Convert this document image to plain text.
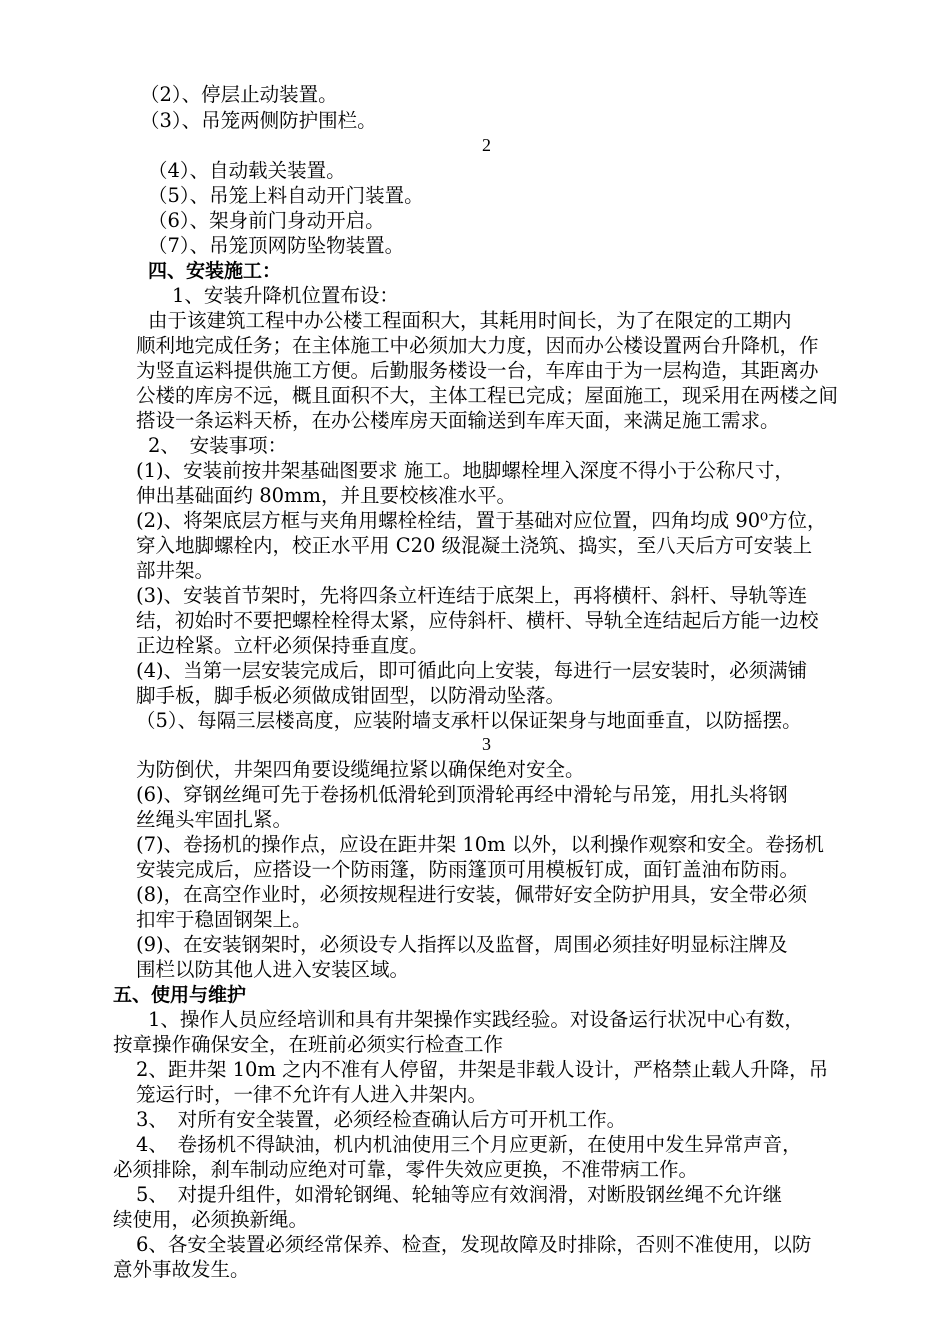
（2）、停层止动装置。
（3）、吊笼两侧防护围栏。
2
（4）、自动载关装置。
（5）、吊笼上料自动开门装置。
（6）、架身前门身动开启。
（7）、吊笼顶网防坠物装置。
四、安装施工：
1、安装升降机位置布设：
由于该建筑工程中办公楼工程面积大，其耗用时间长，为了在限定的工期内
顺利地完成任务；在主体施工中必须加大力度，因而办公楼设置两台升降机，作
为竖直运料提供施工方便。后勤服务楼设一台，车库由于为一层构造，其距离办
公楼的库房不远，概且面积不大，主体工程已完成；屋面施工，现采用在两楼之间
搭设一条运料天桥，在办公楼库房天面输送到车库天面，来满足施工需求。
2、　安装事项：
(1)、安装前按井架基础图要求 施工。地脚螺栓埋入深度不得小于公称尺寸，
伸出基础面约 80mm，并且要校核准水平。
(2)、将架底层方框与夹角用螺栓栓结，置于基础对应位置，四角均成 90⁰方位，
穿入地脚螺栓内，校正水平用 C20 级混凝土浇筑、捣实，至八天后方可安装上
部井架。
(3)、安装首节架时，先将四条立杆连结于底架上，再将横杆、斜杆、导轨等连
结，初始时不要把螺栓栓得太紧，应侍斜杆、横杆、导轨全连结起后方能一边校
正边栓紧。立杆必须保持垂直度。
(4)、当第一层安装完成后，即可循此向上安装，每进行一层安装时，必须满铺
脚手板，脚手板必须做成钳固型，以防滑动坠落。
（5）、每隔三层楼高度，应装附墙支承杆以保证架身与地面垂直，以防摇摆。
3
为防倒伏，井架四角要设缆绳拉紧以确保绝对安全。
(6)、穿钢丝绳可先于卷扬机低滑轮到顶滑轮再经中滑轮与吊笼，用扎头将钢
丝绳头牢固扎紧。
(7)、卷扬机的操作点，应设在距井架 10m 以外，以利操作观察和安全。卷扬机
安装完成后，应搭设一个防雨篷，防雨篷顶可用模板钉成，面钉盖油布防雨。
(8)，在高空作业时，必须按规程进行安装，佩带好安全防护用具，安全带必须
扣牢于稳固钢架上。
(9)、在安装钢架时，必须设专人指挥以及监督，周围必须挂好明显标注牌及
围栏以防其他人进入安装区域。
五、使用与维护
1、操作人员应经培训和具有井架操作实践经验。对设备运行状况中心有数，
按章操作确保安全，在班前必须实行检查工作
2、距井架 10m 之内不准有人停留，井架是非载人设计，严格禁止载人升降，吊
笼运行时，一律不允许有人进入井架内。
3、　对所有安全装置，必须经检查确认后方可开机工作。
4、　卷扬机不得缺油，机内机油使用三个月应更新，在使用中发生异常声音，
必须排除，刹车制动应绝对可靠，零件失效应更换，不准带病工作。
5、　对提升组件，如滑轮钢绳、轮轴等应有效润滑，对断股钢丝绳不允许继
续使用，必须换新绳。
6、各安全装置必须经常保养、检查，发现故障及时排除，否则不准使用，以防
意外事故发生。
